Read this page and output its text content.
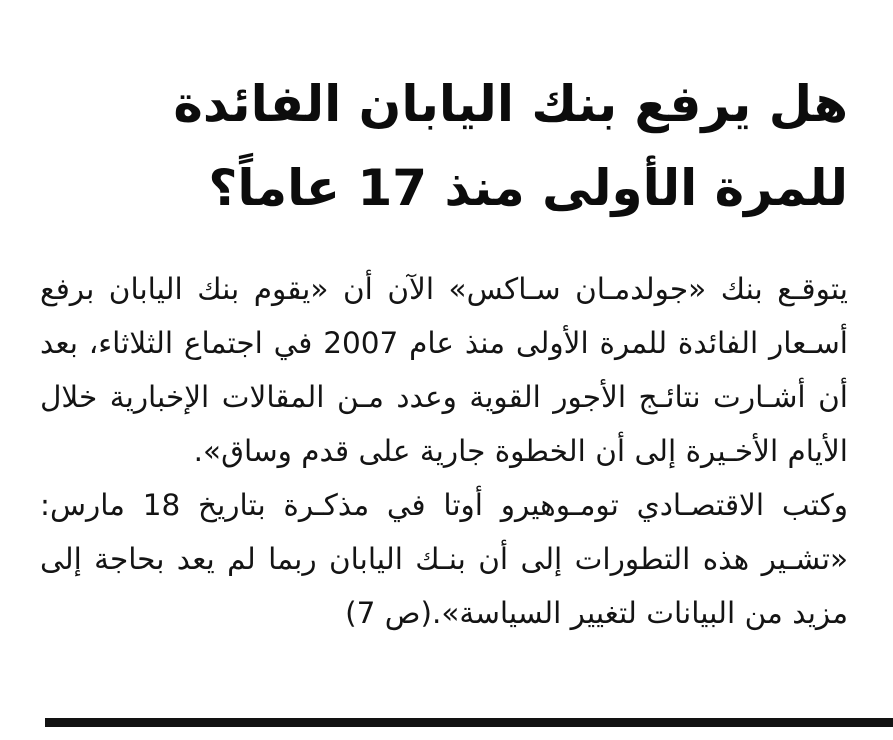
هل يرفع بنك اليابان الفائدة
للمرة الأولى منذ 17 عاماً؟

يتوقـع بنك «جولدمـان سـاكس» الآن أن «يقوم بنك اليابان برفع أسـعار الفائدة للمرة الأولى منذ عام 2007 في اجتماع الثلاثاء، بعد أن أشـارت نتائـج الأجور القوية وعدد مـن المقالات الإخبارية خلال الأيام الأخـيرة إلى أن الخطوة جارية على قدم وساق».

وكتب الاقتصـادي تومـوهيرو أوتا في مذكـرة بتاريخ 18 مارس: «تشـير هذه التطورات إلى أن بنـك اليابان ربما لم يعد بحاجة إلى مزيد من البيانات لتغيير السياسة».(ص 7)
